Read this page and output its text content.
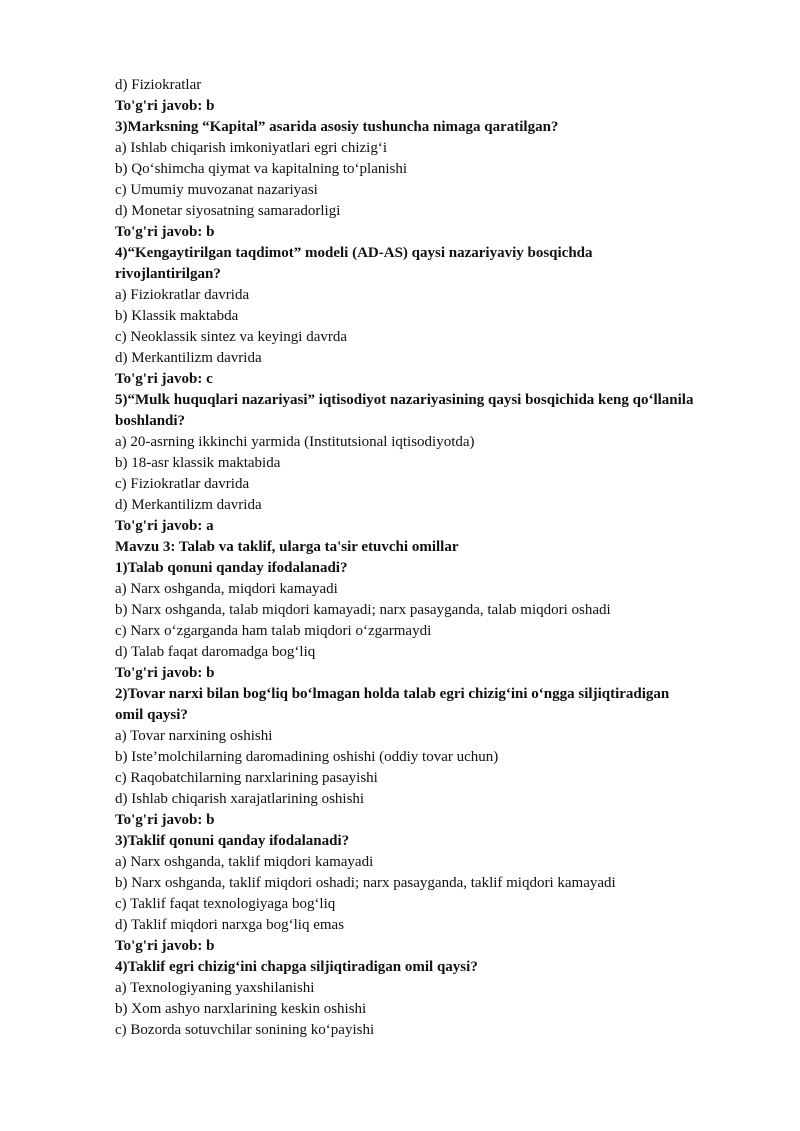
d) Fiziokratlar
To'g'ri javob: b
3)Marksning “Kapital” asarida asosiy tushuncha nimaga qaratilgan?
a) Ishlab chiqarish imkoniyatlari egri chizig‘i
b) Qo‘shimcha qiymat va kapitalning to‘planishi
c) Umumiy muvozanat nazariyasi
d) Monetar siyosatning samaradorligi
To'g'ri javob: b
4)“Kengaytirilgan taqdimot” modeli (AD-AS) qaysi nazariyaviy bosqichda
rivojlantirilgan?
a) Fiziokratlar davrida
b) Klassik maktabda
c) Neoklassik sintez va keyingi davrda
d) Merkantilizm davrida
To'g'ri javob: c
5)“Mulk huquqlari nazariyasi” iqtisodiyot nazariyasining qaysi bosqichida keng qo‘llanila
boshlandi?
a) 20-asrning ikkinchi yarmida (Institutsional iqtisodiyotda)
b) 18-asr klassik maktabida
c) Fiziokratlar davrida
d) Merkantilizm davrida
To'g'ri javob: a
Mavzu 3: Talab va taklif, ularga ta'sir etuvchi omillar
1)Talab qonuni qanday ifodalanadi?
a) Narx oshganda, miqdori kamayadi
b) Narx oshganda, talab miqdori kamayadi; narx pasayganda, talab miqdori oshadi
c) Narx o‘zgarganda ham talab miqdori o‘zgarmaydi
d) Talab faqat daromadga bog‘liq
To'g'ri javob: b
2)Tovar narxi bilan bog‘liq bo‘lmagan holda talab egri chizig‘ini o‘ngga siljiqtiradigan
omil qaysi?
a) Tovar narxining oshishi
b) Iste’molchilarning daromadining oshishi (oddiy tovar uchun)
c) Raqobatchilarning narxlarining pasayishi
d) Ishlab chiqarish xarajatlarining oshishi
To'g'ri javob: b
3)Taklif qonuni qanday ifodalanadi?
a) Narx oshganda, taklif miqdori kamayadi
b) Narx oshganda, taklif miqdori oshadi; narx pasayganda, taklif miqdori kamayadi
c) Taklif faqat texnologiyaga bog‘liq
d) Taklif miqdori narxga bog‘liq emas
To'g'ri javob: b
4)Taklif egri chizig‘ini chapga siljiqtiradigan omil qaysi?
a) Texnologiyaning yaxshilanishi
b) Xom ashyo narxlarining keskin oshishi
c) Bozorda sotuvchilar sonining ko‘payishi
